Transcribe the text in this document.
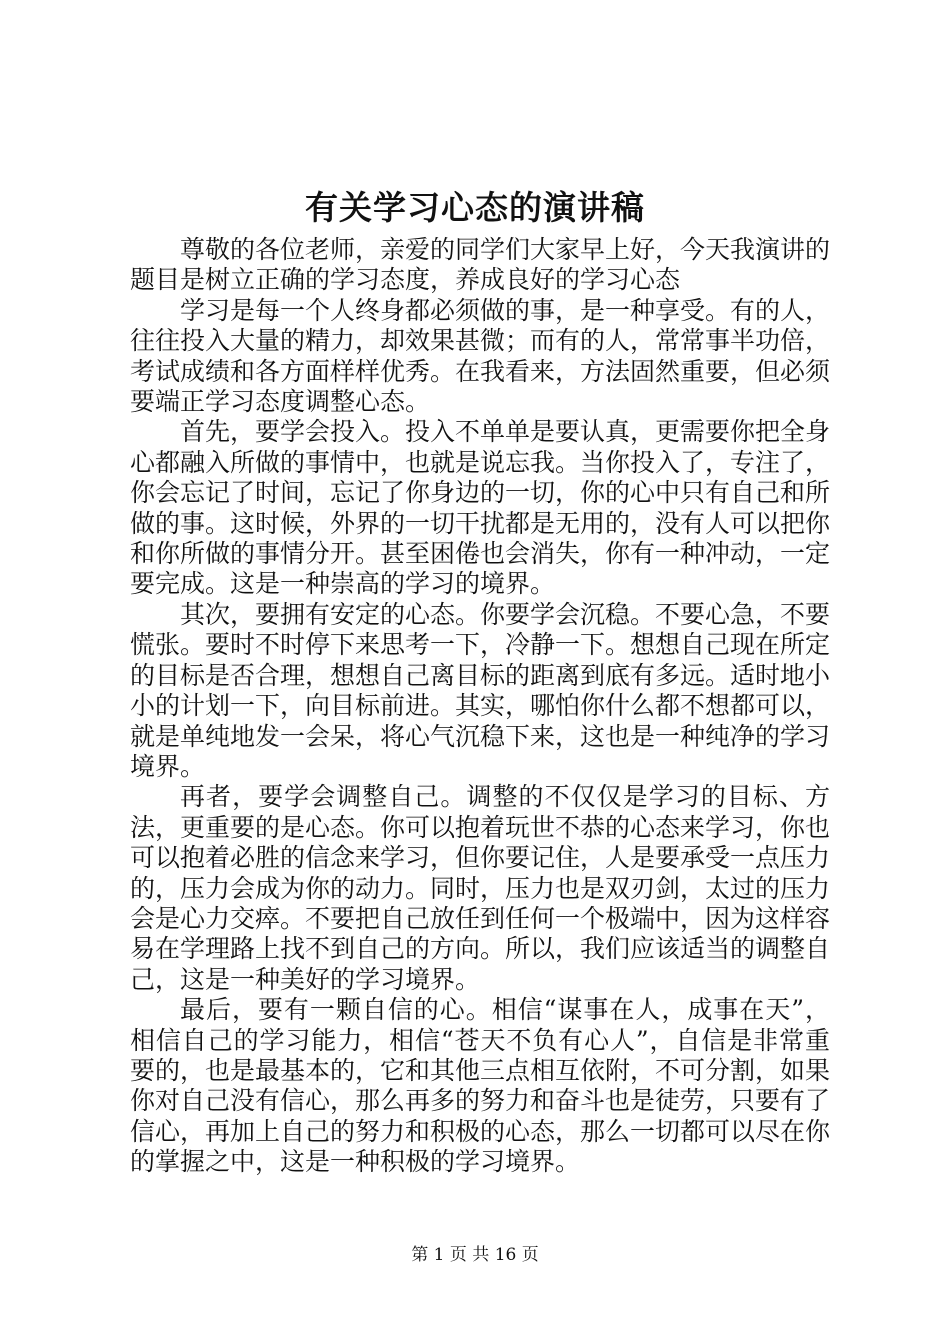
有关学习心态的演讲稿

尊敬的各位老师，亲爱的同学们大家早上好，今天我演讲的题目是树立正确的学习态度，养成良好的学习心态

学习是每一个人终身都必须做的事，是一种享受。有的人，往往投入大量的精力，却效果甚微；而有的人，常常事半功倍，考试成绩和各方面样样优秀。在我看来，方法固然重要，但必须要端正学习态度调整心态。

首先，要学会投入。投入不单单是要认真，更需要你把全身心都融入所做的事情中，也就是说忘我。当你投入了，专注了，你会忘记了时间，忘记了你身边的一切，你的心中只有自己和所做的事。这时候，外界的一切干扰都是无用的，没有人可以把你和你所做的事情分开。甚至困倦也会消失，你有一种冲动，一定要完成。这是一种崇高的学习的境界。

其次，要拥有安定的心态。你要学会沉稳。不要心急，不要慌张。要时不时停下来思考一下，冷静一下。想想自己现在所定的目标是否合理，想想自己离目标的距离到底有多远。适时地小小的计划一下，向目标前进。其实，哪怕你什么都不想都可以，就是单纯地发一会呆，将心气沉稳下来，这也是一种纯净的学习境界。

再者，要学会调整自己。调整的不仅仅是学习的目标、方法，更重要的是心态。你可以抱着玩世不恭的心态来学习，你也可以抱着必胜的信念来学习，但你要记住，人是要承受一点压力的，压力会成为你的动力。同时，压力也是双刃剑，太过的压力会是心力交瘁。不要把自己放任到任何一个极端中，因为这样容易在学理路上找不到自己的方向。所以，我们应该适当的调整自己，这是一种美好的学习境界。

最后，要有一颗自信的心。相信“谋事在人，成事在天”，相信自己的学习能力，相信“苍天不负有心人”，自信是非常重要的，也是最基本的，它和其他三点相互依附，不可分割，如果你对自己没有信心，那么再多的努力和奋斗也是徒劳，只要有了信心，再加上自己的努力和积极的心态，那么一切都可以尽在你的掌握之中，这是一种积极的学习境界。

第 1 页 共 16 页
